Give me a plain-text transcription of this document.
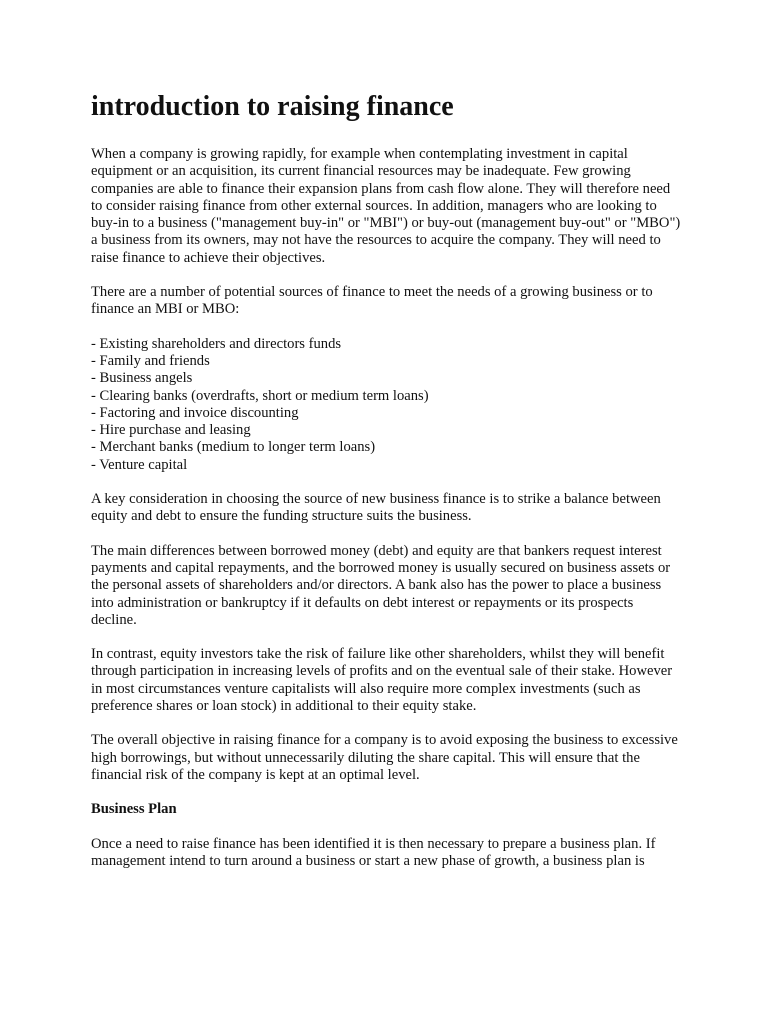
introduction to raising finance

When a company is growing rapidly, for example when contemplating investment in capital equipment or an acquisition, its current financial resources may be inadequate. Few growing companies are able to finance their expansion plans from cash flow alone. They will therefore need to consider raising finance from other external sources. In addition, managers who are looking to buy-in to a business ("management buy-in" or "MBI") or buy-out (management buy-out" or "MBO") a business from its owners, may not have the resources to acquire the company. They will need to raise finance to achieve their objectives.

There are a number of potential sources of finance to meet the needs of a growing business or to finance an MBI or MBO:

- Existing shareholders and directors funds
- Family and friends
- Business angels
- Clearing banks (overdrafts, short or medium term loans)
- Factoring and invoice discounting
- Hire purchase and leasing
- Merchant banks (medium to longer term loans)
- Venture capital

A key consideration in choosing the source of new business finance is to strike a balance between equity and debt to ensure the funding structure suits the business.

The main differences between borrowed money (debt) and equity are that bankers request interest payments and capital repayments, and the borrowed money is usually secured on business assets or the personal assets of shareholders and/or directors. A bank also has the power to place a business into administration or bankruptcy if it defaults on debt interest or repayments or its prospects decline.

In contrast, equity investors take the risk of failure like other shareholders, whilst they will benefit through participation in increasing levels of profits and on the eventual sale of their stake. However in most circumstances venture capitalists will also require more complex investments (such as preference shares or loan stock) in additional to their equity stake.

The overall objective in raising finance for a company is to avoid exposing the business to excessive high borrowings, but without unnecessarily diluting the share capital. This will ensure that the financial risk of the company is kept at an optimal level.

Business Plan

Once a need to raise finance has been identified it is then necessary to prepare a business plan. If management intend to turn around a business or start a new phase of growth, a business plan is
